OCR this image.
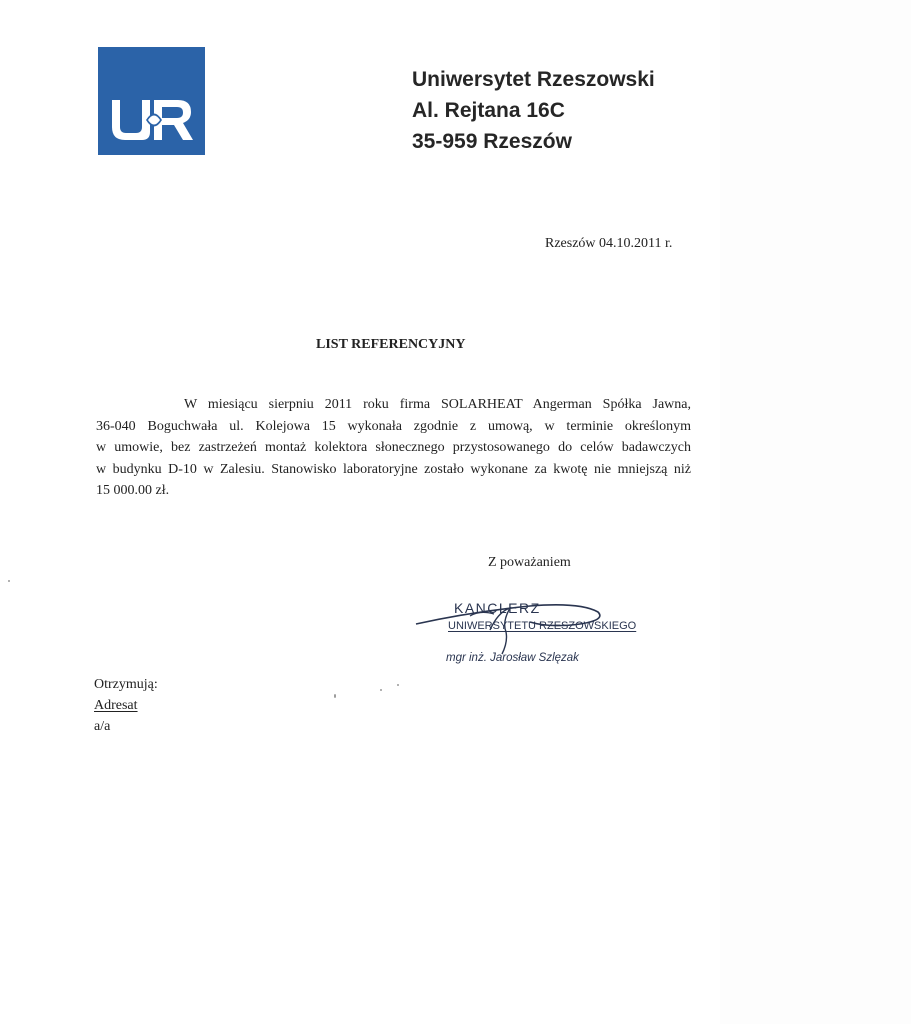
Uniwersytet Rzeszowski
Al. Rejtana 16C
35-959 Rzeszów
Rzeszów 04.10.2011 r.
LIST REFERENCYJNY
W miesiącu sierpniu 2011 roku firma SOLARHEAT Angerman Spółka Jawna,
36-040 Boguchwała ul. Kolejowa 15 wykonała zgodnie z umową, w terminie określonym
w umowie, bez zastrzeżeń montaż kolektora słonecznego przystosowanego do celów badawczych
w budynku D-10 w Zalesiu. Stanowisko laboratoryjne zostało wykonane za kwotę nie mniejszą niż
15 000.00 zł.
Z poważaniem
KANCLERZ
UNIWERSYTETU RZESZOWSKIEGO
mgr inż. Jarosław Szlęzak
Otrzymują:
Adresat
a/a
